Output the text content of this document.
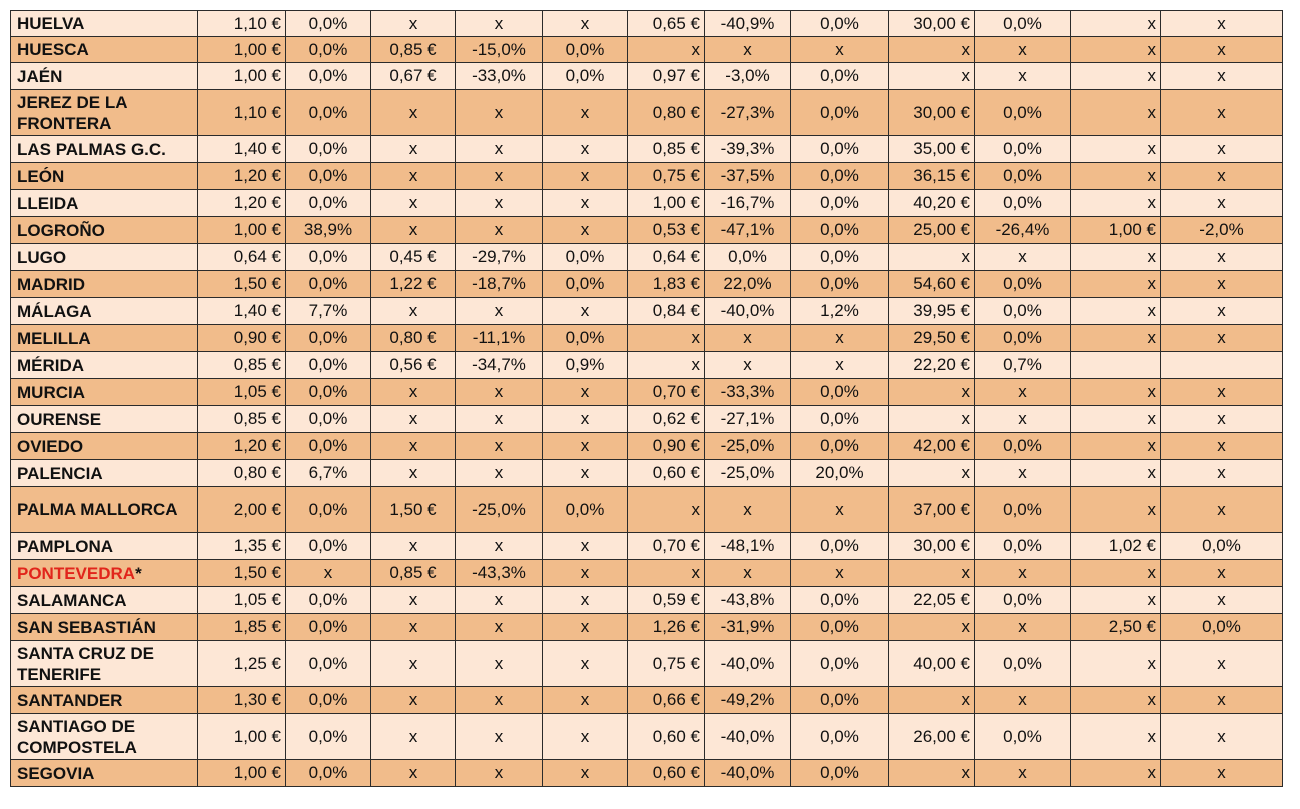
HUELVA	1,10 €	0,0%	x	x	x	0,65 €	-40,9%	0,0%	30,00 €	0,0%	x	x	
HUESCA	1,00 €	0,0%	0,85 €	-15,0%	0,0%	x	x	x	x	x	x	x	
JAÉN	1,00 €	0,0%	0,67 €	-33,0%	0,0%	0,97 €	-3,0%	0,0%	x	x	x	x	
JEREZ DE LA FRONTERA	1,10 €	0,0%	x	x	x	0,80 €	-27,3%	0,0%	30,00 €	0,0%	x	x	
LAS PALMAS G.C.	1,40 €	0,0%	x	x	x	0,85 €	-39,3%	0,0%	35,00 €	0,0%	x	x	
LEÓN	1,20 €	0,0%	x	x	x	0,75 €	-37,5%	0,0%	36,15 €	0,0%	x	x	
LLEIDA	1,20 €	0,0%	x	x	x	1,00 €	-16,7%	0,0%	40,20 €	0,0%	x	x	
LOGROÑO	1,00 €	38,9%	x	x	x	0,53 €	-47,1%	0,0%	25,00 €	-26,4%	1,00 €	-2,0%	
LUGO	0,64 €	0,0%	0,45 €	-29,7%	0,0%	0,64 €	0,0%	0,0%	x	x	x	x	
MADRID	1,50 €	0,0%	1,22 €	-18,7%	0,0%	1,83 €	22,0%	0,0%	54,60 €	0,0%	x	x	
MÁLAGA	1,40 €	7,7%	x	x	x	0,84 €	-40,0%	1,2%	39,95 €	0,0%	x	x	
MELILLA	0,90 €	0,0%	0,80 €	-11,1%	0,0%	x	x	x	29,50 €	0,0%	x	x	
MÉRIDA	0,85 €	0,0%	0,56 €	-34,7%	0,9%	x	x	x	22,20 €	0,7%			
MURCIA	1,05 €	0,0%	x	x	x	0,70 €	-33,3%	0,0%	x	x	x	x	
OURENSE	0,85 €	0,0%	x	x	x	0,62 €	-27,1%	0,0%	x	x	x	x	
OVIEDO	1,20 €	0,0%	x	x	x	0,90 €	-25,0%	0,0%	42,00 €	0,0%	x	x	
PALENCIA	0,80 €	6,7%	x	x	x	0,60 €	-25,0%	20,0%	x	x	x	x	
PALMA MALLORCA	2,00 €	0,0%	1,50 €	-25,0%	0,0%	x	x	x	37,00 €	0,0%	x	x	
PAMPLONA	1,35 €	0,0%	x	x	x	0,70 €	-48,1%	0,0%	30,00 €	0,0%	1,02 €	0,0%	
PONTEVEDRA*	1,50 €	x	0,85 €	-43,3%	x	x	x	x	x	x	x	x	
SALAMANCA	1,05 €	0,0%	x	x	x	0,59 €	-43,8%	0,0%	22,05 €	0,0%	x	x	
SAN SEBASTIÁN	1,85 €	0,0%	x	x	x	1,26 €	-31,9%	0,0%	x	x	2,50 €	0,0%	
SANTA CRUZ DE TENERIFE	1,25 €	0,0%	x	x	x	0,75 €	-40,0%	0,0%	40,00 €	0,0%	x	x	
SANTANDER	1,30 €	0,0%	x	x	x	0,66 €	-49,2%	0,0%	x	x	x	x	
SANTIAGO DE COMPOSTELA	1,00 €	0,0%	x	x	x	0,60 €	-40,0%	0,0%	26,00 €	0,0%	x	x	
SEGOVIA	1,00 €	0,0%	x	x	x	0,60 €	-40,0%	0,0%	x	x	x	x	
